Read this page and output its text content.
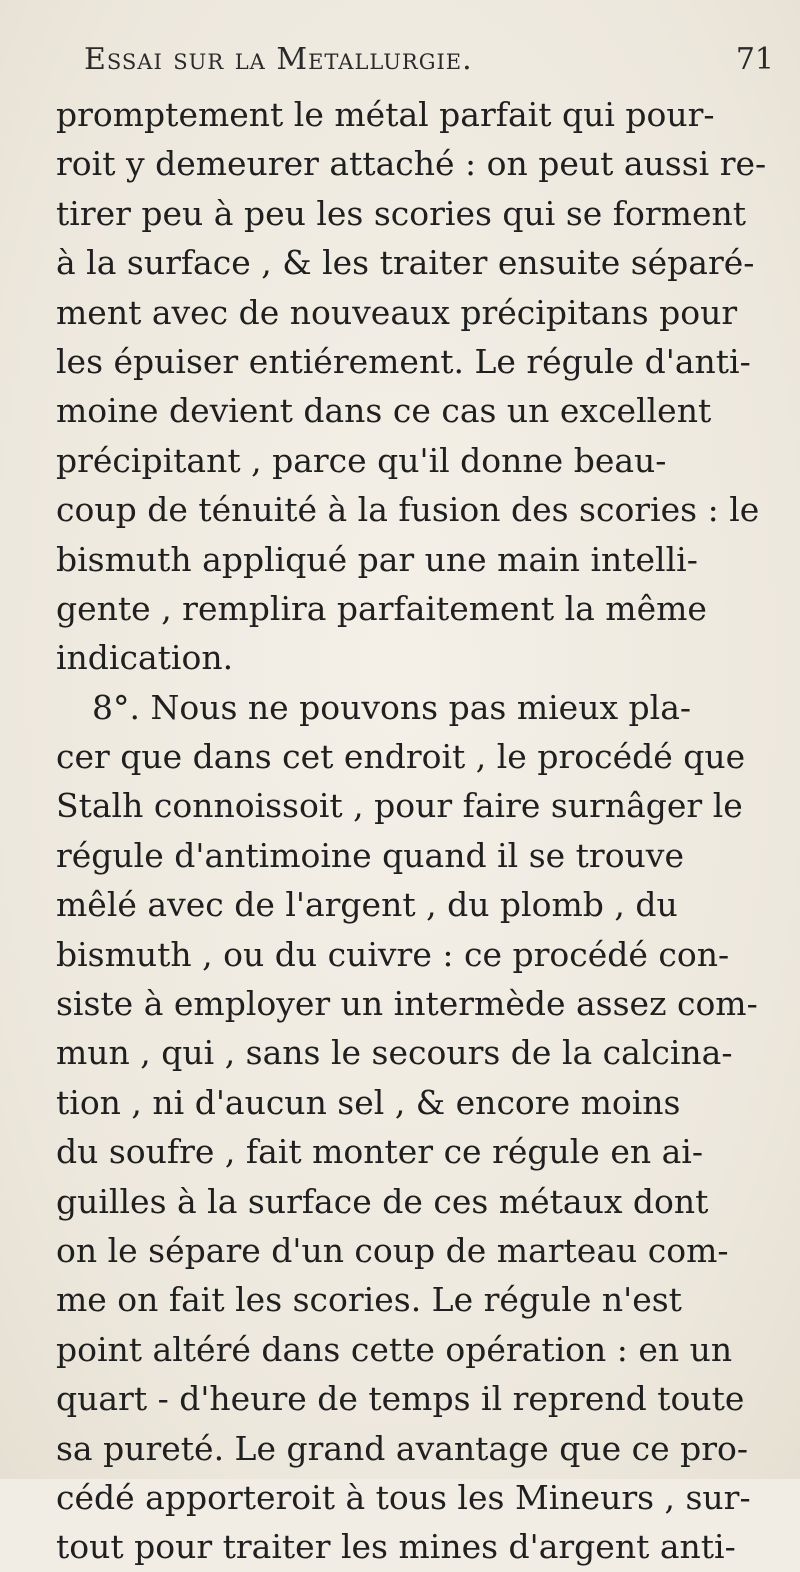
Essai sur la Metallurgie.	71
promptement le métal parfait qui pour-
roit y demeurer attaché : on peut aussi re-
tirer peu à peu les scories qui se forment
à la surface , & les traiter ensuite séparé-
ment avec de nouveaux précipitans pour
les épuiser entiérement. Le régule d'anti-
moine devient dans ce cas un excellent
précipitant , parce qu'il donne beau-
coup de ténuité à la fusion des scories : le
bismuth appliqué par une main intelli-
gente , remplira parfaitement la même
indication.
8°. Nous ne pouvons pas mieux pla-
cer que dans cet endroit , le procédé que
Stalh connoissoit , pour faire surnâger le
régule d'antimoine quand il se trouve
mêlé avec de l'argent , du plomb , du
bismuth , ou du cuivre : ce procédé con-
siste à employer un intermède assez com-
mun , qui , sans le secours de la calcina-
tion , ni d'aucun sel , & encore moins
du soufre , fait monter ce régule en ai-
guilles à la surface de ces métaux dont
on le sépare d'un coup de marteau com-
me on fait les scories. Le régule n'est
point altéré dans cette opération : en un
quart - d'heure de temps il reprend toute
sa pureté. Le grand avantage que ce pro-
cédé apporteroit à tous les Mineurs , sur-
tout pour traiter les mines d'argent anti-
